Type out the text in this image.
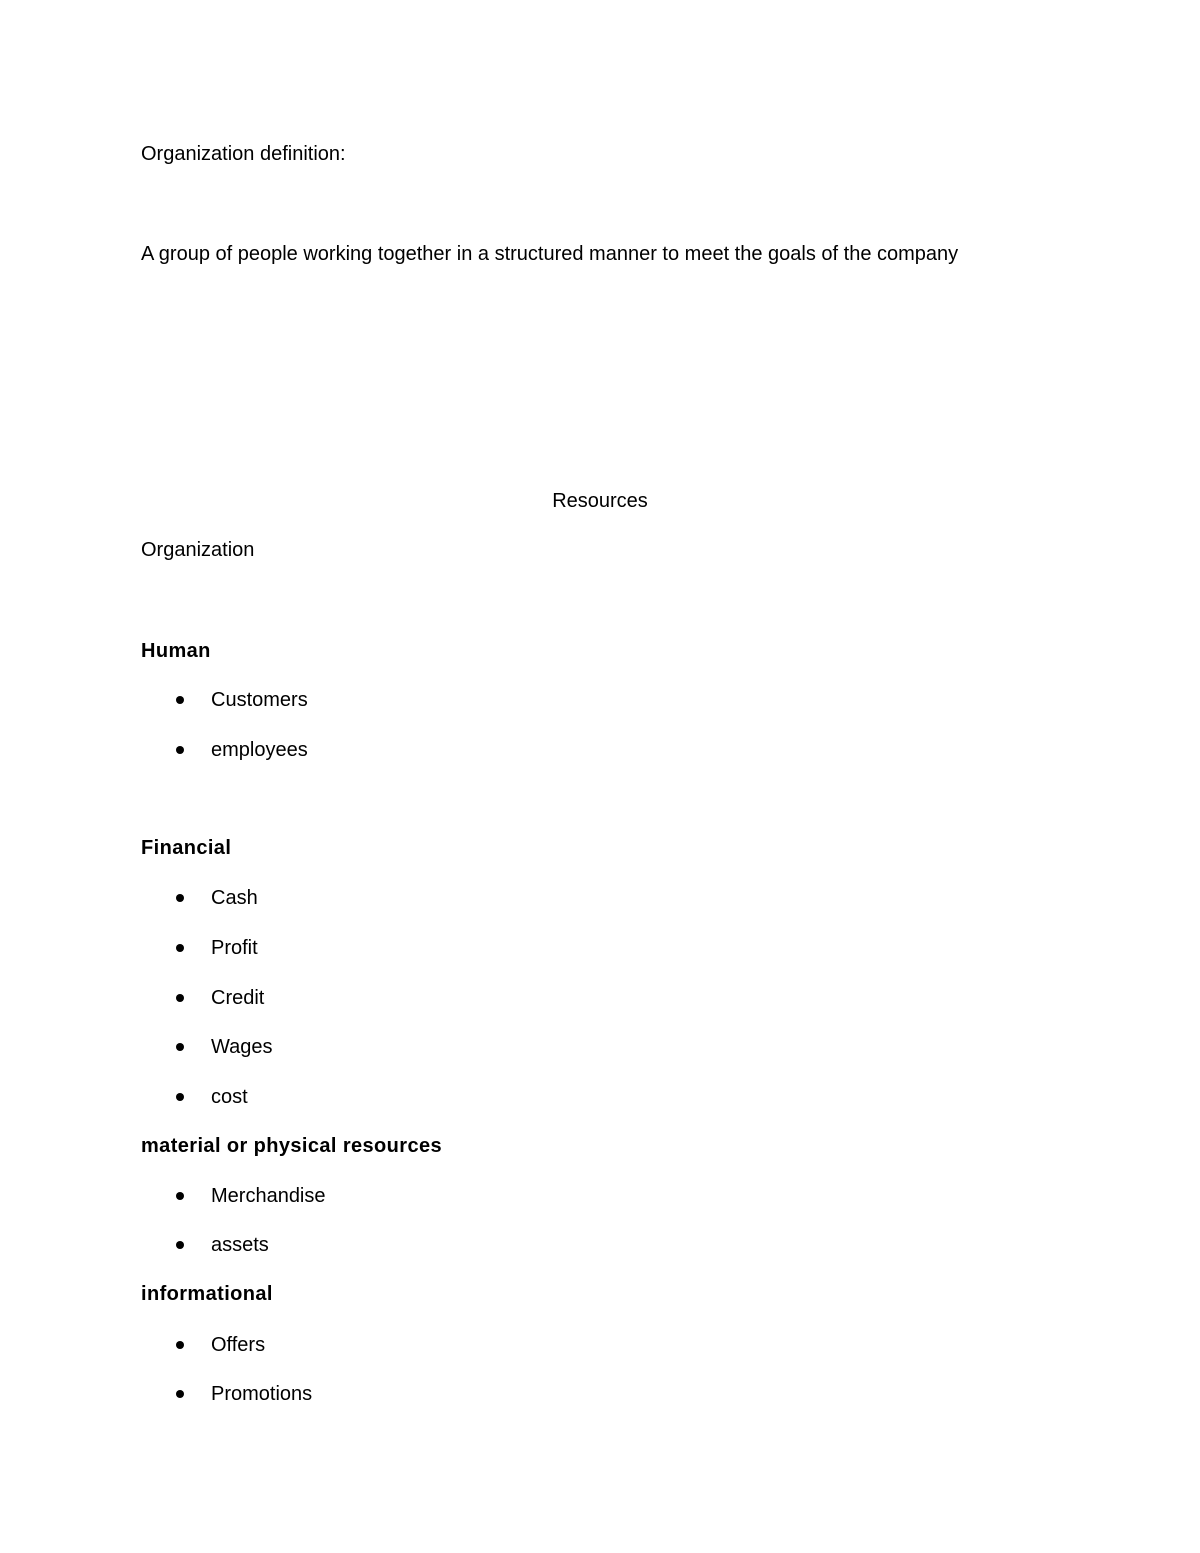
Organization definition:
A group of people working together in a structured manner to meet the goals of the company
Resources
Organization
Human
Customers
employees
Financial
Cash
Profit
Credit
Wages
cost
material or physical resources
Merchandise
assets
informational
Offers
Promotions
